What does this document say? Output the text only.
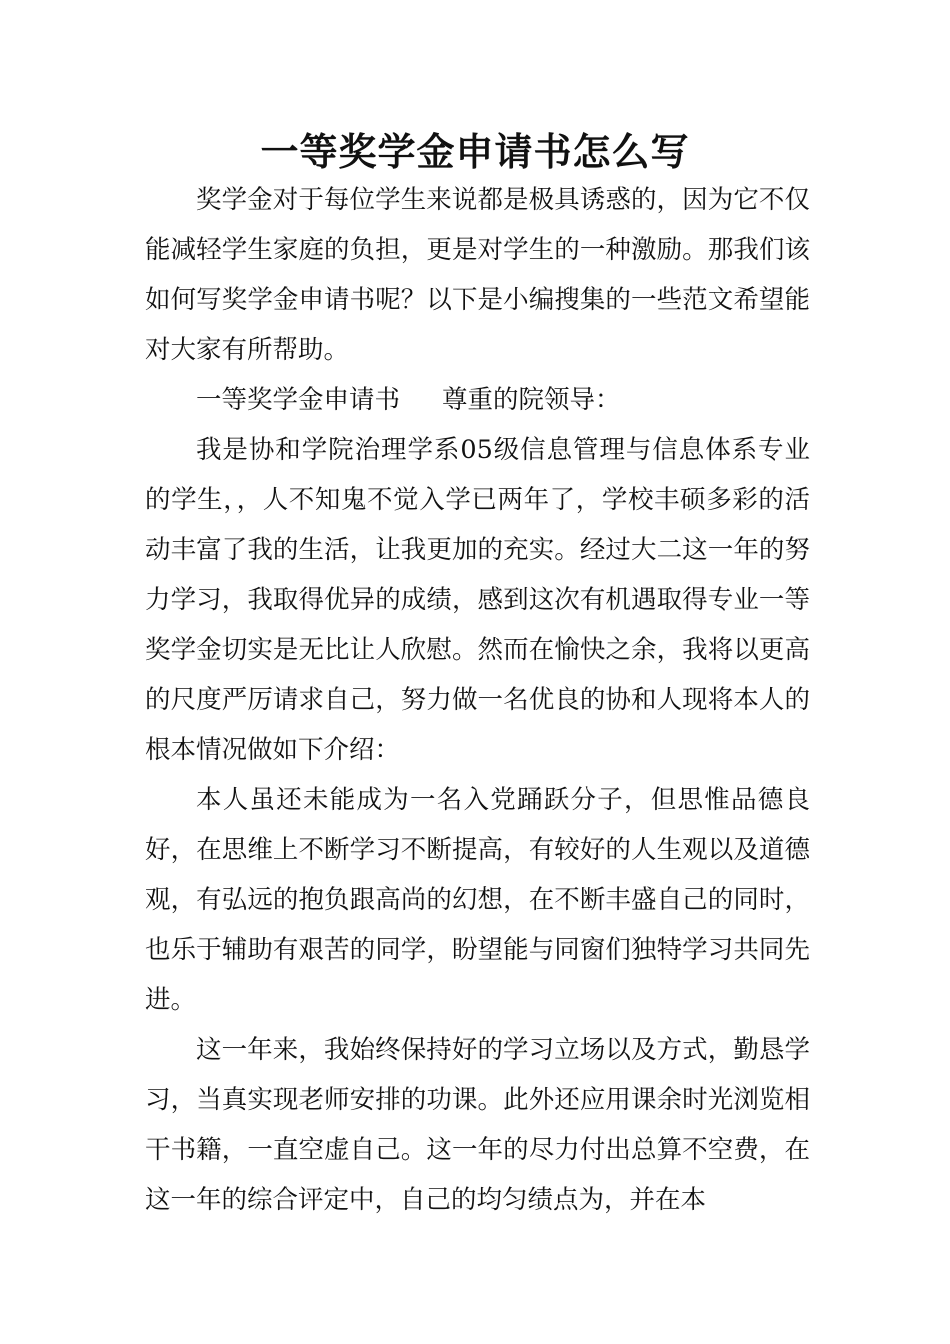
一等奖学金申请书怎么写

奖学金对于每位学生来说都是极具诱惑的，因为它不仅能减轻学生家庭的负担，更是对学生的一种激励。那我们该如何写奖学金申请书呢？以下是小编搜集的一些范文希望能对大家有所帮助。

一等奖学金申请书 尊重的院领导：

我是协和学院治理学系05级信息管理与信息体系专业的学生，，人不知鬼不觉入学已两年了，学校丰硕多彩的活动丰富了我的生活，让我更加的充实。经过大二这一年的努力学习，我取得优异的成绩，感到这次有机遇取得专业一等奖学金切实是无比让人欣慰。然而在愉快之余，我将以更高的尺度严厉请求自己，努力做一名优良的协和人现将本人的根本情况做如下介绍：

本人虽还未能成为一名入党踊跃分子，但思惟品德良好，在思维上不断学习不断提高，有较好的人生观以及道德观，有弘远的抱负跟高尚的幻想，在不断丰盛自己的同时，也乐于辅助有艰苦的同学，盼望能与同窗们独特学习共同先进。

这一年来，我始终保持好的学习立场以及方式，勤恳学习，当真实现老师安排的功课。此外还应用课余时光浏览相干书籍，一直空虚自己。这一年的尽力付出总算不空费，在这一年的综合评定中，自己的均匀绩点为，并在本
